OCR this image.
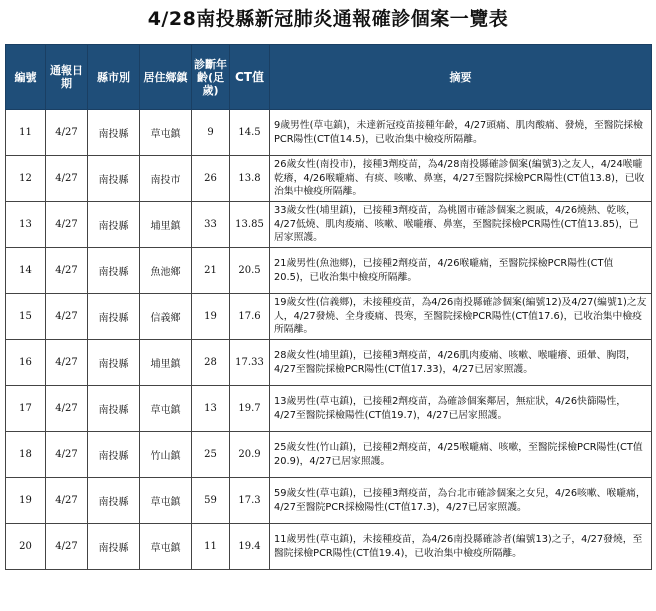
4/28南投縣新冠肺炎通報確診個案一覽表
編號	通報日期	縣市別	居住鄉鎮	診斷年齡(足歲)	CT值	摘要
11	4/27	南投縣	草屯鎮	9	14.5	9歲男性(草屯鎮)，未達新冠疫苗接種年齡，4/27頭痛、肌肉酸痛、發燒，至醫院採檢PCR陽性(CT值14.5)，已收治集中檢疫所隔離。
12	4/27	南投縣	南投市	26	13.8	26歲女性(南投市)，接種3劑疫苗，為4/28南投縣確診個案(編號3)之友人，4/24喉嚨乾癢，4/26喉嚨痛、有痰、咳嗽、鼻塞，4/27至醫院採檢PCR陽性(CT值13.8)，已收治集中檢疫所隔離。
13	4/27	南投縣	埔里鎮	33	13.85	33歲女性(埔里鎮)，已接種3劑疫苗，為桃園市確診個案之親戚，4/26燒熱、乾咳，4/27低燒、肌肉痠痛、咳嗽、喉嚨癢、鼻塞，至醫院採檢PCR陽性(CT值13.85)，已居家照護。
14	4/27	南投縣	魚池鄉	21	20.5	21歲男性(魚池鄉)，已接種2劑疫苗，4/26喉嚨痛，至醫院採檢PCR陽性(CT值20.5)，已收治集中檢疫所隔離。
15	4/27	南投縣	信義鄉	19	17.6	19歲女性(信義鄉)，未接種疫苗，為4/26南投縣確診個案(編號12)及4/27(編號1)之友人，4/27發燒、全身痠痛、畏寒，至醫院採檢PCR陽性(CT值17.6)，已收治集中檢疫所隔離。
16	4/27	南投縣	埔里鎮	28	17.33	28歲女性(埔里鎮)，已接種3劑疫苗，4/26肌肉痠痛、咳嗽、喉嚨癢、頭暈、胸悶，4/27至醫院採檢PCR陽性(CT值17.33)，4/27已居家照護。
17	4/27	南投縣	草屯鎮	13	19.7	13歲男性(草屯鎮)，已接種2劑疫苗，為確診個案鄰居，無症狀，4/26快篩陽性，4/27至醫院採檢陽性(CT值19.7)，4/27已居家照護。
18	4/27	南投縣	竹山鎮	25	20.9	25歲女性(竹山鎮)，已接種2劑疫苗，4/25喉嚨痛、咳嗽，至醫院採檢PCR陽性(CT值20.9)，4/27已居家照護。
19	4/27	南投縣	草屯鎮	59	17.3	59歲女性(草屯鎮)，已接種3劑疫苗，為台北市確診個案之女兒，4/26咳嗽、喉嚨痛，4/27至醫院PCR採檢陽性(CT值17.3)，4/27已居家照護。
20	4/27	南投縣	草屯鎮	11	19.4	11歲男性(草屯鎮)，未接種疫苗，為4/26南投縣確診者(編號13)之子，4/27發燒，至醫院採檢PCR陽性(CT值19.4)，已收治集中檢疫所隔離。
